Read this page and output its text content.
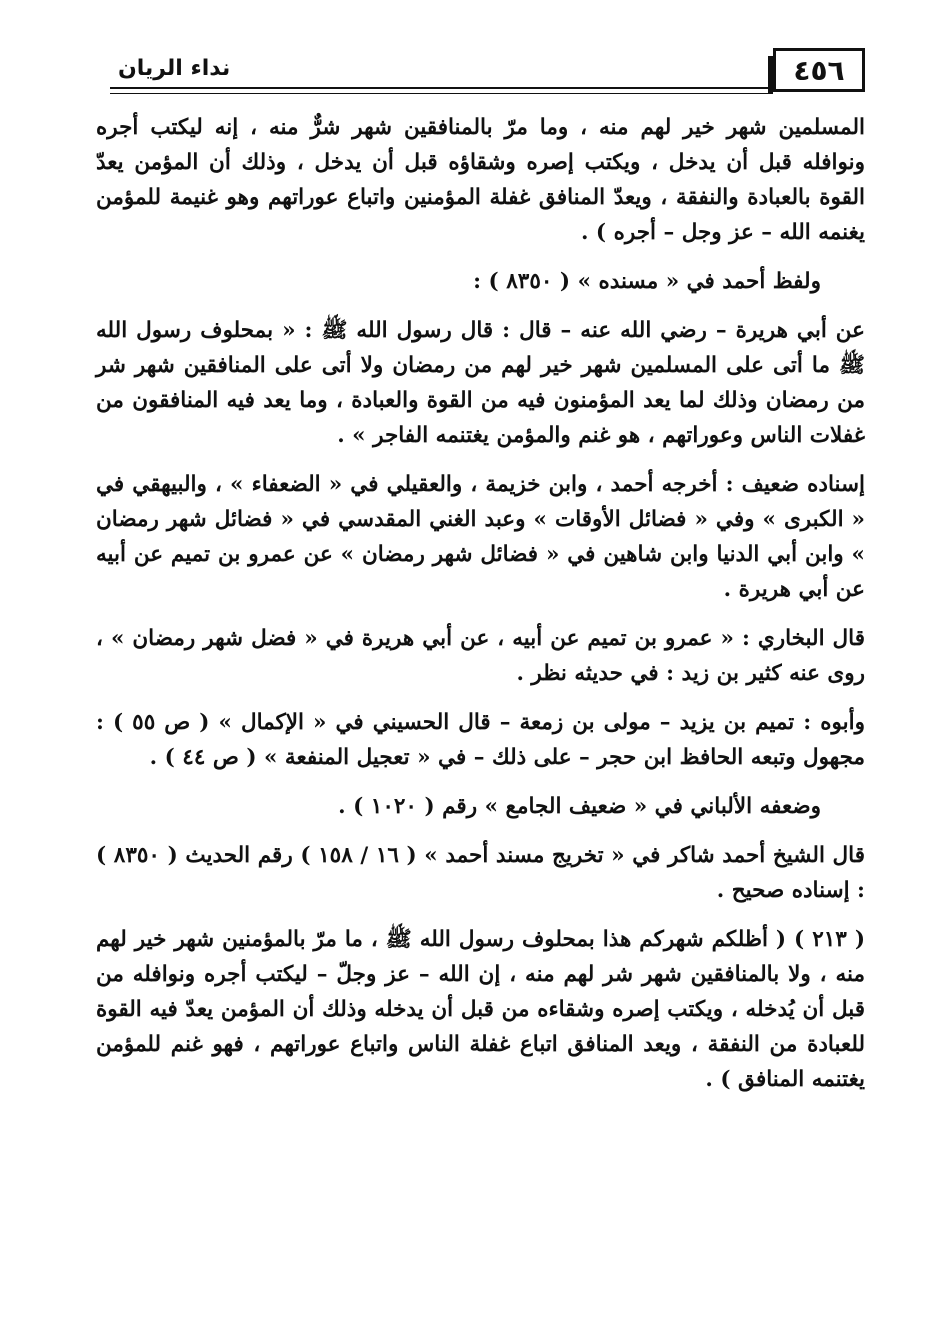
٤٥٦
نداء الريان

المسلمين شهر خير لهم منه ، وما مرّ بالمنافقين شهر شرٌّ منه ، إنه ليكتب أجره ونوافله قبل أن يدخل ، ويكتب إصره وشقاؤه قبل أن يدخل ، وذلك أن المؤمن يعدّ القوة بالعبادة والنفقة ، ويعدّ المنافق غفلة المؤمنين واتباع عوراتهم وهو غنيمة للمؤمن يغنمه الله – عز وجل – أجره ) .

ولفظ أحمد في « مسنده » ( ٨٣٥٠ ) :

عن أبي هريرة – رضي الله عنه – قال : قال رسول الله ﷺ : « بمحلوف رسول الله ﷺ ما أتى على المسلمين شهر خير لهم من رمضان ولا أتى على المنافقين شهر شر من رمضان وذلك لما يعد المؤمنون فيه من القوة والعبادة ، وما يعد فيه المنافقون من غفلات الناس وعوراتهم ، هو غنم والمؤمن يغتنمه الفاجر » .

إسناده ضعيف : أخرجه أحمد ، وابن خزيمة ، والعقيلي في « الضعفاء » ، والبيهقي في « الكبرى » وفي « فضائل الأوقات » وعبد الغني المقدسي في « فضائل شهر رمضان » وابن أبي الدنيا وابن شاهين في « فضائل شهر رمضان » عن عمرو بن تميم عن أبيه عن أبي هريرة .

قال البخاري : « عمرو بن تميم عن أبيه ، عن أبي هريرة في « فضل شهر رمضان » ، روى عنه كثير بن زيد : في حديثه نظر .

وأبوه : تميم بن يزيد – مولى بن زمعة – قال الحسيني في « الإكمال » ( ص ٥٥ ) : مجهول وتبعه الحافظ ابن حجر – على ذلك – في « تعجيل المنفعة » ( ص ٤٤ ) .

وضعفه الألباني في « ضعيف الجامع » رقم ( ١٠٢٠ ) .

قال الشيخ أحمد شاكر في « تخريج مسند أحمد » ( ١٦ / ١٥٨ ) رقم الحديث ( ٨٣٥٠ ) : إسناده صحيح .

( ٢١٣ ) ( أظلكم شهركم هذا بمحلوف رسول الله ﷺ ، ما مرّ بالمؤمنين شهر خير لهم منه ، ولا بالمنافقين شهر شر لهم منه ، إن الله – عز وجلّ – ليكتب أجره ونوافله من قبل أن يُدخله ، ويكتب إصره وشقاءه من قبل أن يدخله وذلك أن المؤمن يعدّ فيه القوة للعبادة من النفقة ، ويعد المنافق اتباع غفلة الناس واتباع عوراتهم ، فهو غنم للمؤمن يغتنمه المنافق ) .
